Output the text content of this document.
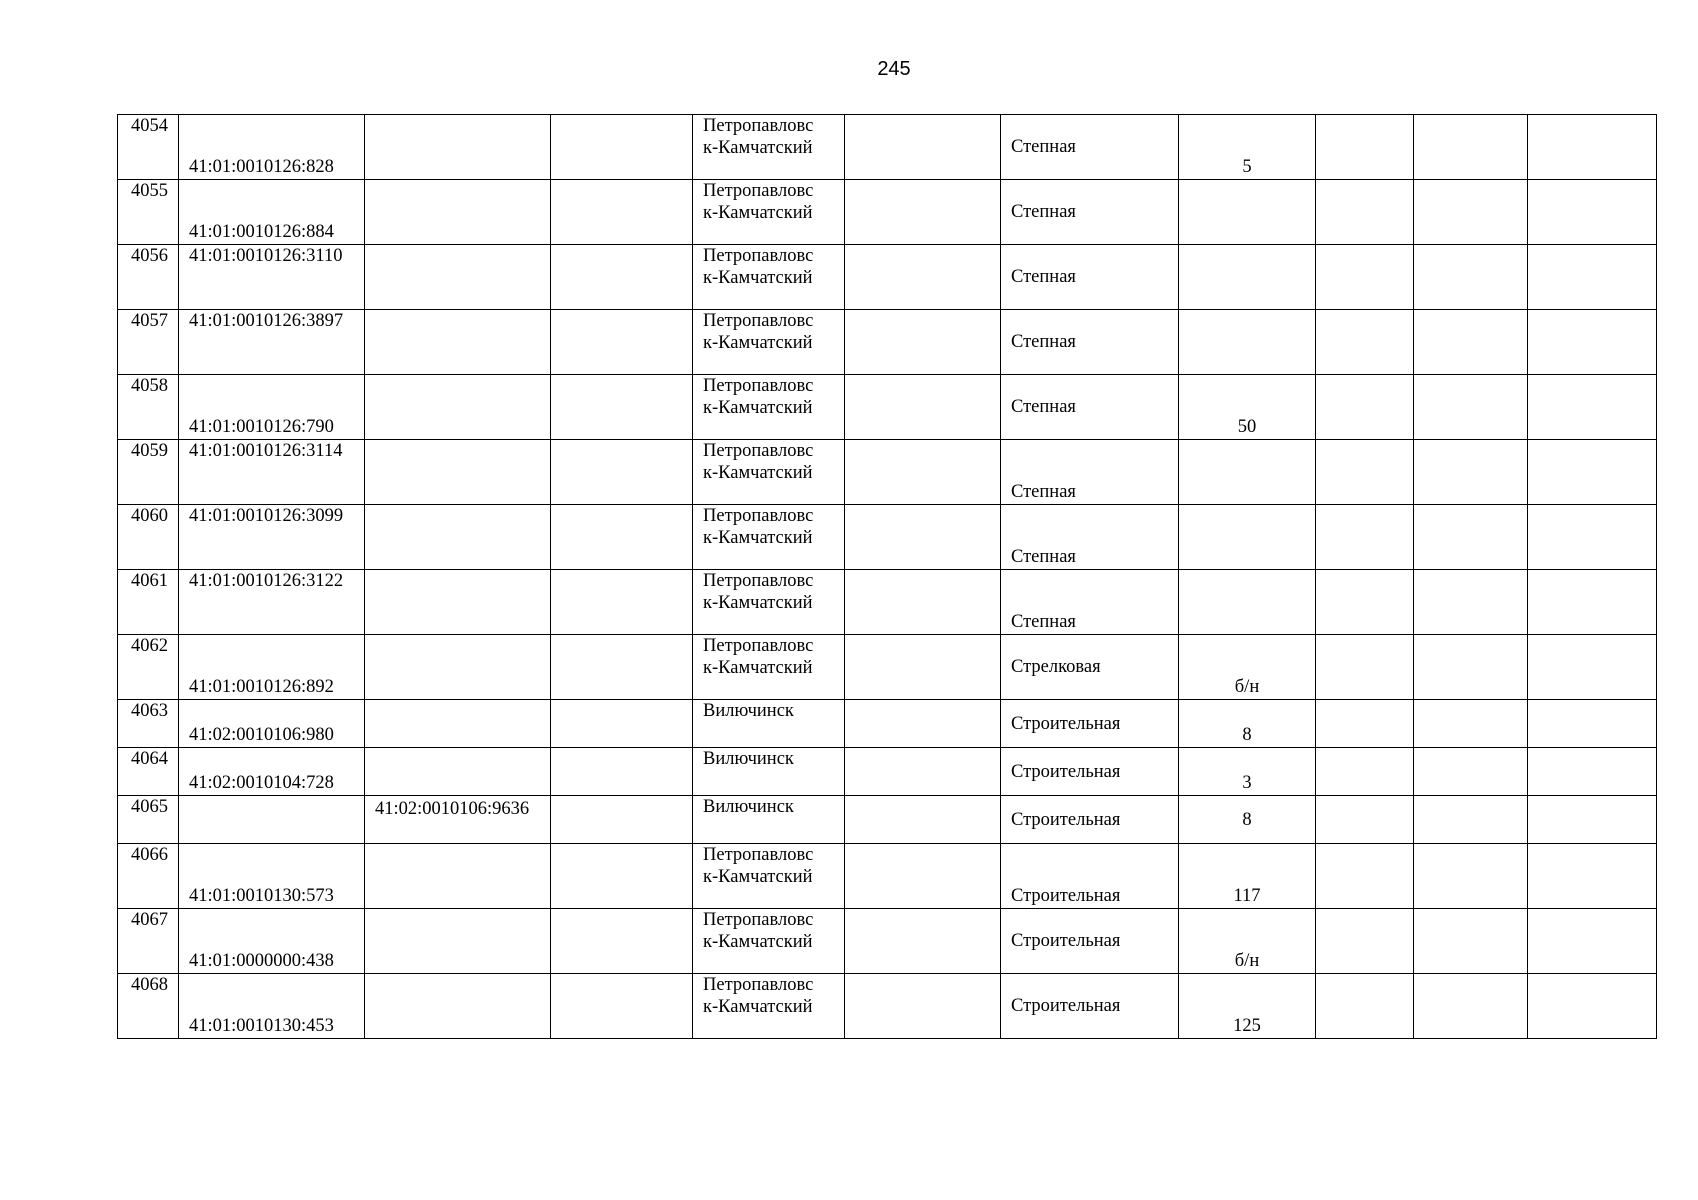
245
4054	41:01:0010126:828			Петропавловс
к-Камчатский		Степная	5			
4055	41:01:0010126:884			Петропавловс
к-Камчатский		Степная				
4056	41:01:0010126:3110			Петропавловс
к-Камчатский		Степная				
4057	41:01:0010126:3897			Петропавловс
к-Камчатский		Степная				
4058	41:01:0010126:790			Петропавловс
к-Камчатский		Степная	50			
4059	41:01:0010126:3114			Петропавловс
к-Камчатский		Степная				
4060	41:01:0010126:3099			Петропавловс
к-Камчатский		Степная				
4061	41:01:0010126:3122			Петропавловс
к-Камчатский		Степная				
4062	41:01:0010126:892			Петропавловс
к-Камчатский		Стрелковая	б/н			
4063	41:02:0010106:980			Вилючинск		Строительная	8			
4064	41:02:0010104:728			Вилючинск		Строительная	3			
4065		41:02:0010106:9636		Вилючинск		Строительная	8			
4066	41:01:0010130:573			Петропавловс
к-Камчатский		Строительная	117			
4067	41:01:0000000:438			Петропавловс
к-Камчатский		Строительная	б/н			
4068	41:01:0010130:453			Петропавловс
к-Камчатский		Строительная	125			
